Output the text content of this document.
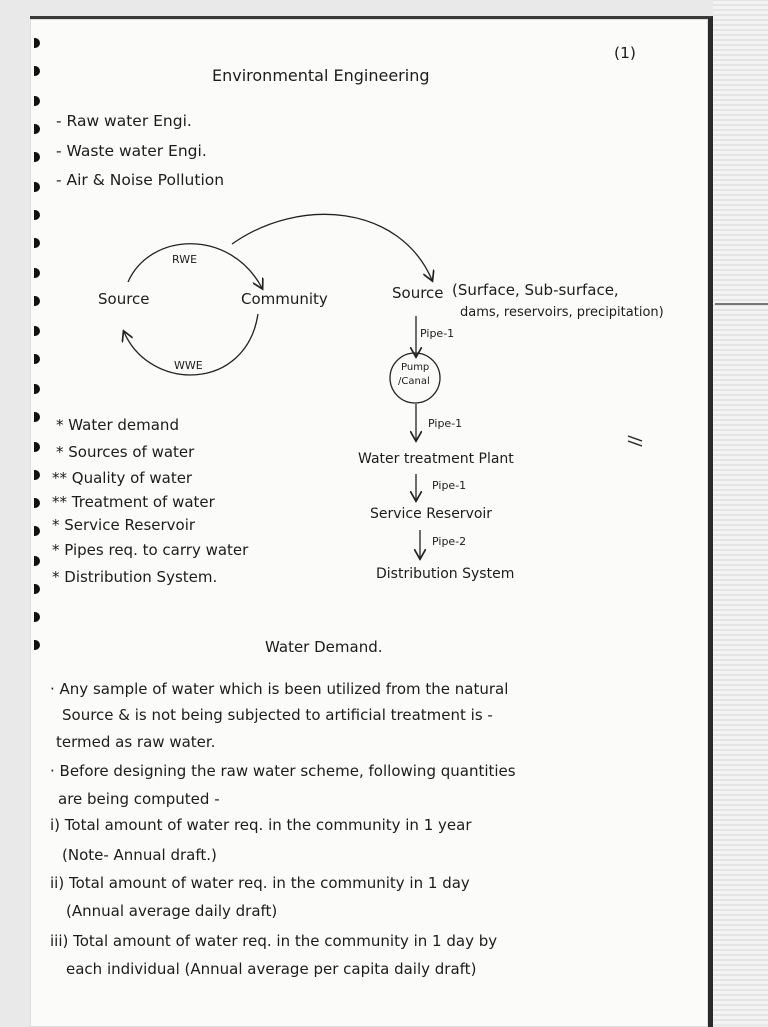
(1)
Environmental Engineering
- Raw water Engi.
- Waste water Engi.
- Air & Noise Pollution
RWE
WWE
Source	Community	Source (Surface, Sub-surface,
dams, reservoirs, precipitation)
Pipe-1
Pump
/Canal
Pipe-1
Water treatment Plant
Pipe-1
Service Reservoir
Pipe-2
Distribution System
* Water demand
* Sources of water
** Quality of water
** Treatment of water
* Service Reservoir
* Pipes req. to carry water
* Distribution System.
Water Demand.
· Any sample of water which is been utilized from the natural
Source & is not being subjected to artificial treatment is -
termed as raw water.
· Before designing the raw water scheme, following quantities
are being computed -
i) Total amount of water req. in the community in 1 year
(Note- Annual draft.)
ii) Total amount of water req. in the community in 1 day
(Annual average daily draft)
iii) Total amount of water req. in the community in 1 day by
each individual (Annual average per capita daily draft)
